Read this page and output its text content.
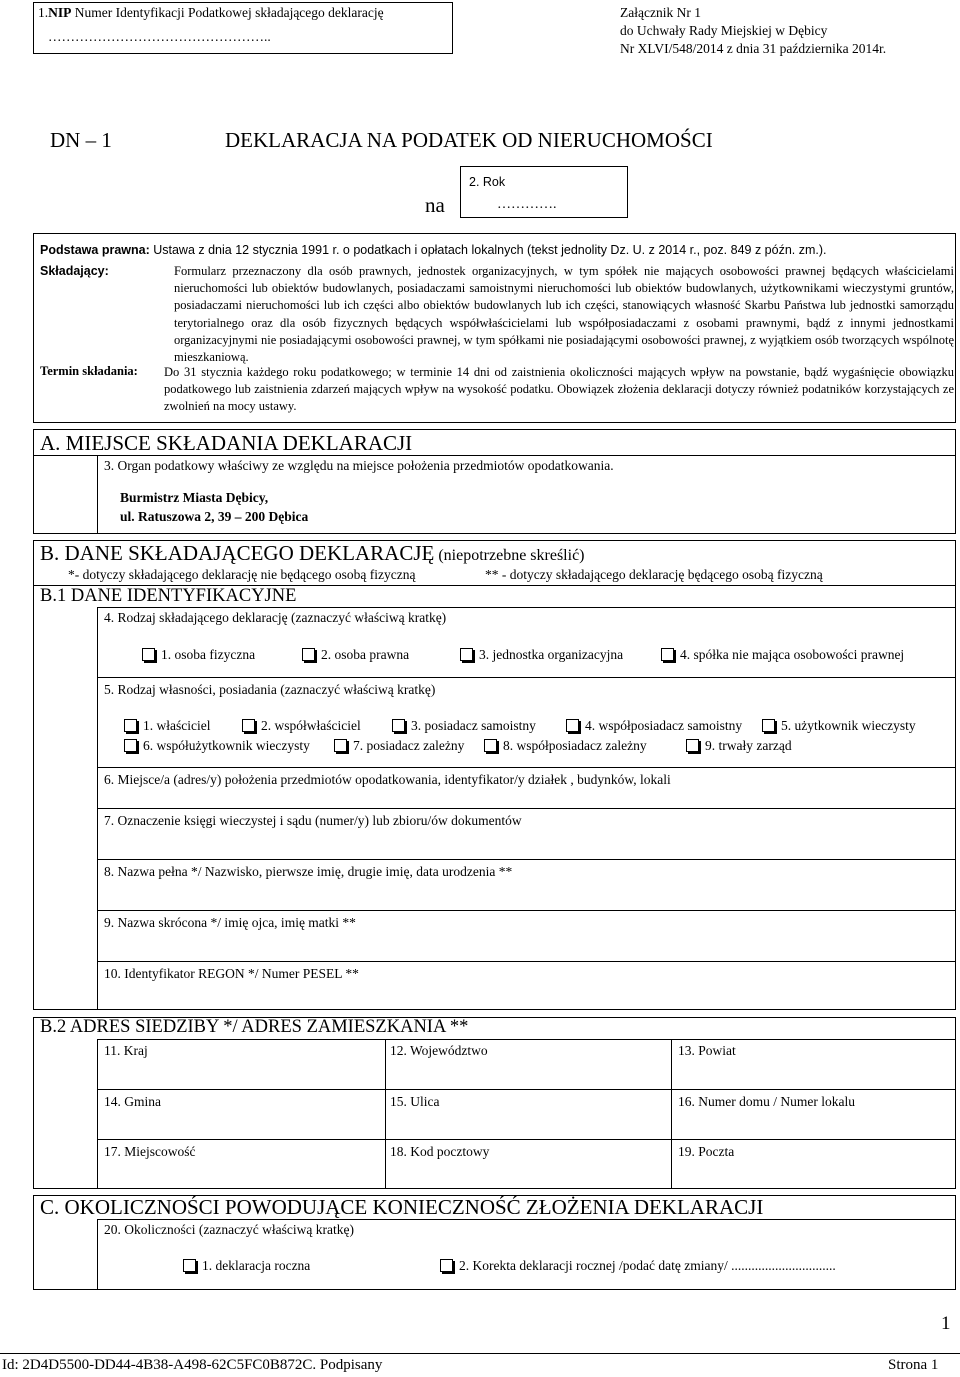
1.NIP Numer Identyfikacji Podatkowej składającego deklarację
…………………………………………..
Załącznik Nr 1
do Uchwały Rady Miejskiej w Dębicy
Nr XLVI/548/2014 z dnia 31 października 2014r.
DN – 1	DEKLARACJA NA PODATEK OD NIERUCHOMOŚCI
na
2. Rok
………….
Podstawa prawna: Ustawa z dnia 12 stycznia 1991 r. o podatkach i opłatach lokalnych (tekst jednolity Dz. U. z 2014 r., poz. 849 z późn. zm.).
Składający:	Formularz przeznaczony dla osób prawnych, jednostek organizacyjnych, w tym spółek nie mających osobowości prawnej będących właścicielami nieruchomości lub obiektów budowlanych, posiadaczami samoistnymi nieruchomości lub obiektów budowlanych, użytkownikami wieczystymi gruntów, posiadaczami nieruchomości lub ich części albo obiektów budowlanych lub ich części, stanowiących własność Skarbu Państwa lub jednostki samorządu terytorialnego oraz dla osób fizycznych będących współwłaścicielami lub współposiadaczami z osobami prawnymi, bądź z innymi jednostkami organizacyjnymi nie posiadającymi osobowości prawnej, w tym spółkami nie posiadającymi osobowości prawnej, z wyjątkiem osób tworzących wspólnotę mieszkaniową.
Termin składania: Do 31 stycznia każdego roku podatkowego; w terminie 14 dni od zaistnienia okoliczności mających wpływ na powstanie, bądź wygaśnięcie obowiązku podatkowego lub zaistnienia zdarzeń mających wpływ na wysokość podatku. Obowiązek złożenia deklaracji dotyczy również podatników korzystających ze zwolnień na mocy ustawy.
A. MIEJSCE SKŁADANIA DEKLARACJI
3. Organ podatkowy właściwy ze względu na miejsce położenia przedmiotów opodatkowania.
Burmistrz Miasta Dębicy,
ul. Ratuszowa 2, 39 – 200 Dębica
B. DANE SKŁADAJĄCEGO DEKLARACJĘ (niepotrzebne skreślić)
*- dotyczy składającego deklarację nie będącego osobą fizyczną	** - dotyczy składającego deklarację będącego osobą fizyczną
B.1 DANE IDENTYFIKACYJNE
4. Rodzaj składającego deklarację (zaznaczyć właściwą kratkę)
1. osoba fizyczna	2. osoba prawna	3. jednostka organizacyjna	4. spółka nie mająca osobowości prawnej
5. Rodzaj własności, posiadania (zaznaczyć właściwą kratkę)
1. właściciel	2. współwłaściciel	3. posiadacz samoistny	4. współposiadacz samoistny	5. użytkownik wieczysty
6. współużytkownik wieczysty	7. posiadacz zależny	8. współposiadacz zależny	9. trwały zarząd
6. Miejsce/a (adres/y) położenia przedmiotów opodatkowania, identyfikator/y działek , budynków, lokali
7. Oznaczenie księgi wieczystej i sądu (numer/y) lub zbioru/ów dokumentów
8. Nazwa pełna */ Nazwisko, pierwsze imię, drugie imię, data urodzenia **
9. Nazwa skrócona */ imię ojca, imię matki **
10. Identyfikator REGON */ Numer PESEL **
B.2 ADRES SIEDZIBY */ ADRES ZAMIESZKANIA **
11. Kraj	12. Województwo	13. Powiat
14. Gmina	15. Ulica	16. Numer domu / Numer lokalu
17. Miejscowość	18. Kod pocztowy	19. Poczta
C. OKOLICZNOŚCI POWODUJĄCE KONIECZNOŚĆ ZŁOŻENIA DEKLARACJI
20. Okoliczności (zaznaczyć właściwą kratkę)
1. deklaracja roczna	2. Korekta deklaracji rocznej /podać datę zmiany/ ...............................
1
Id: 2D4D5500-DD44-4B38-A498-62C5FC0B872C. Podpisany	Strona 1
